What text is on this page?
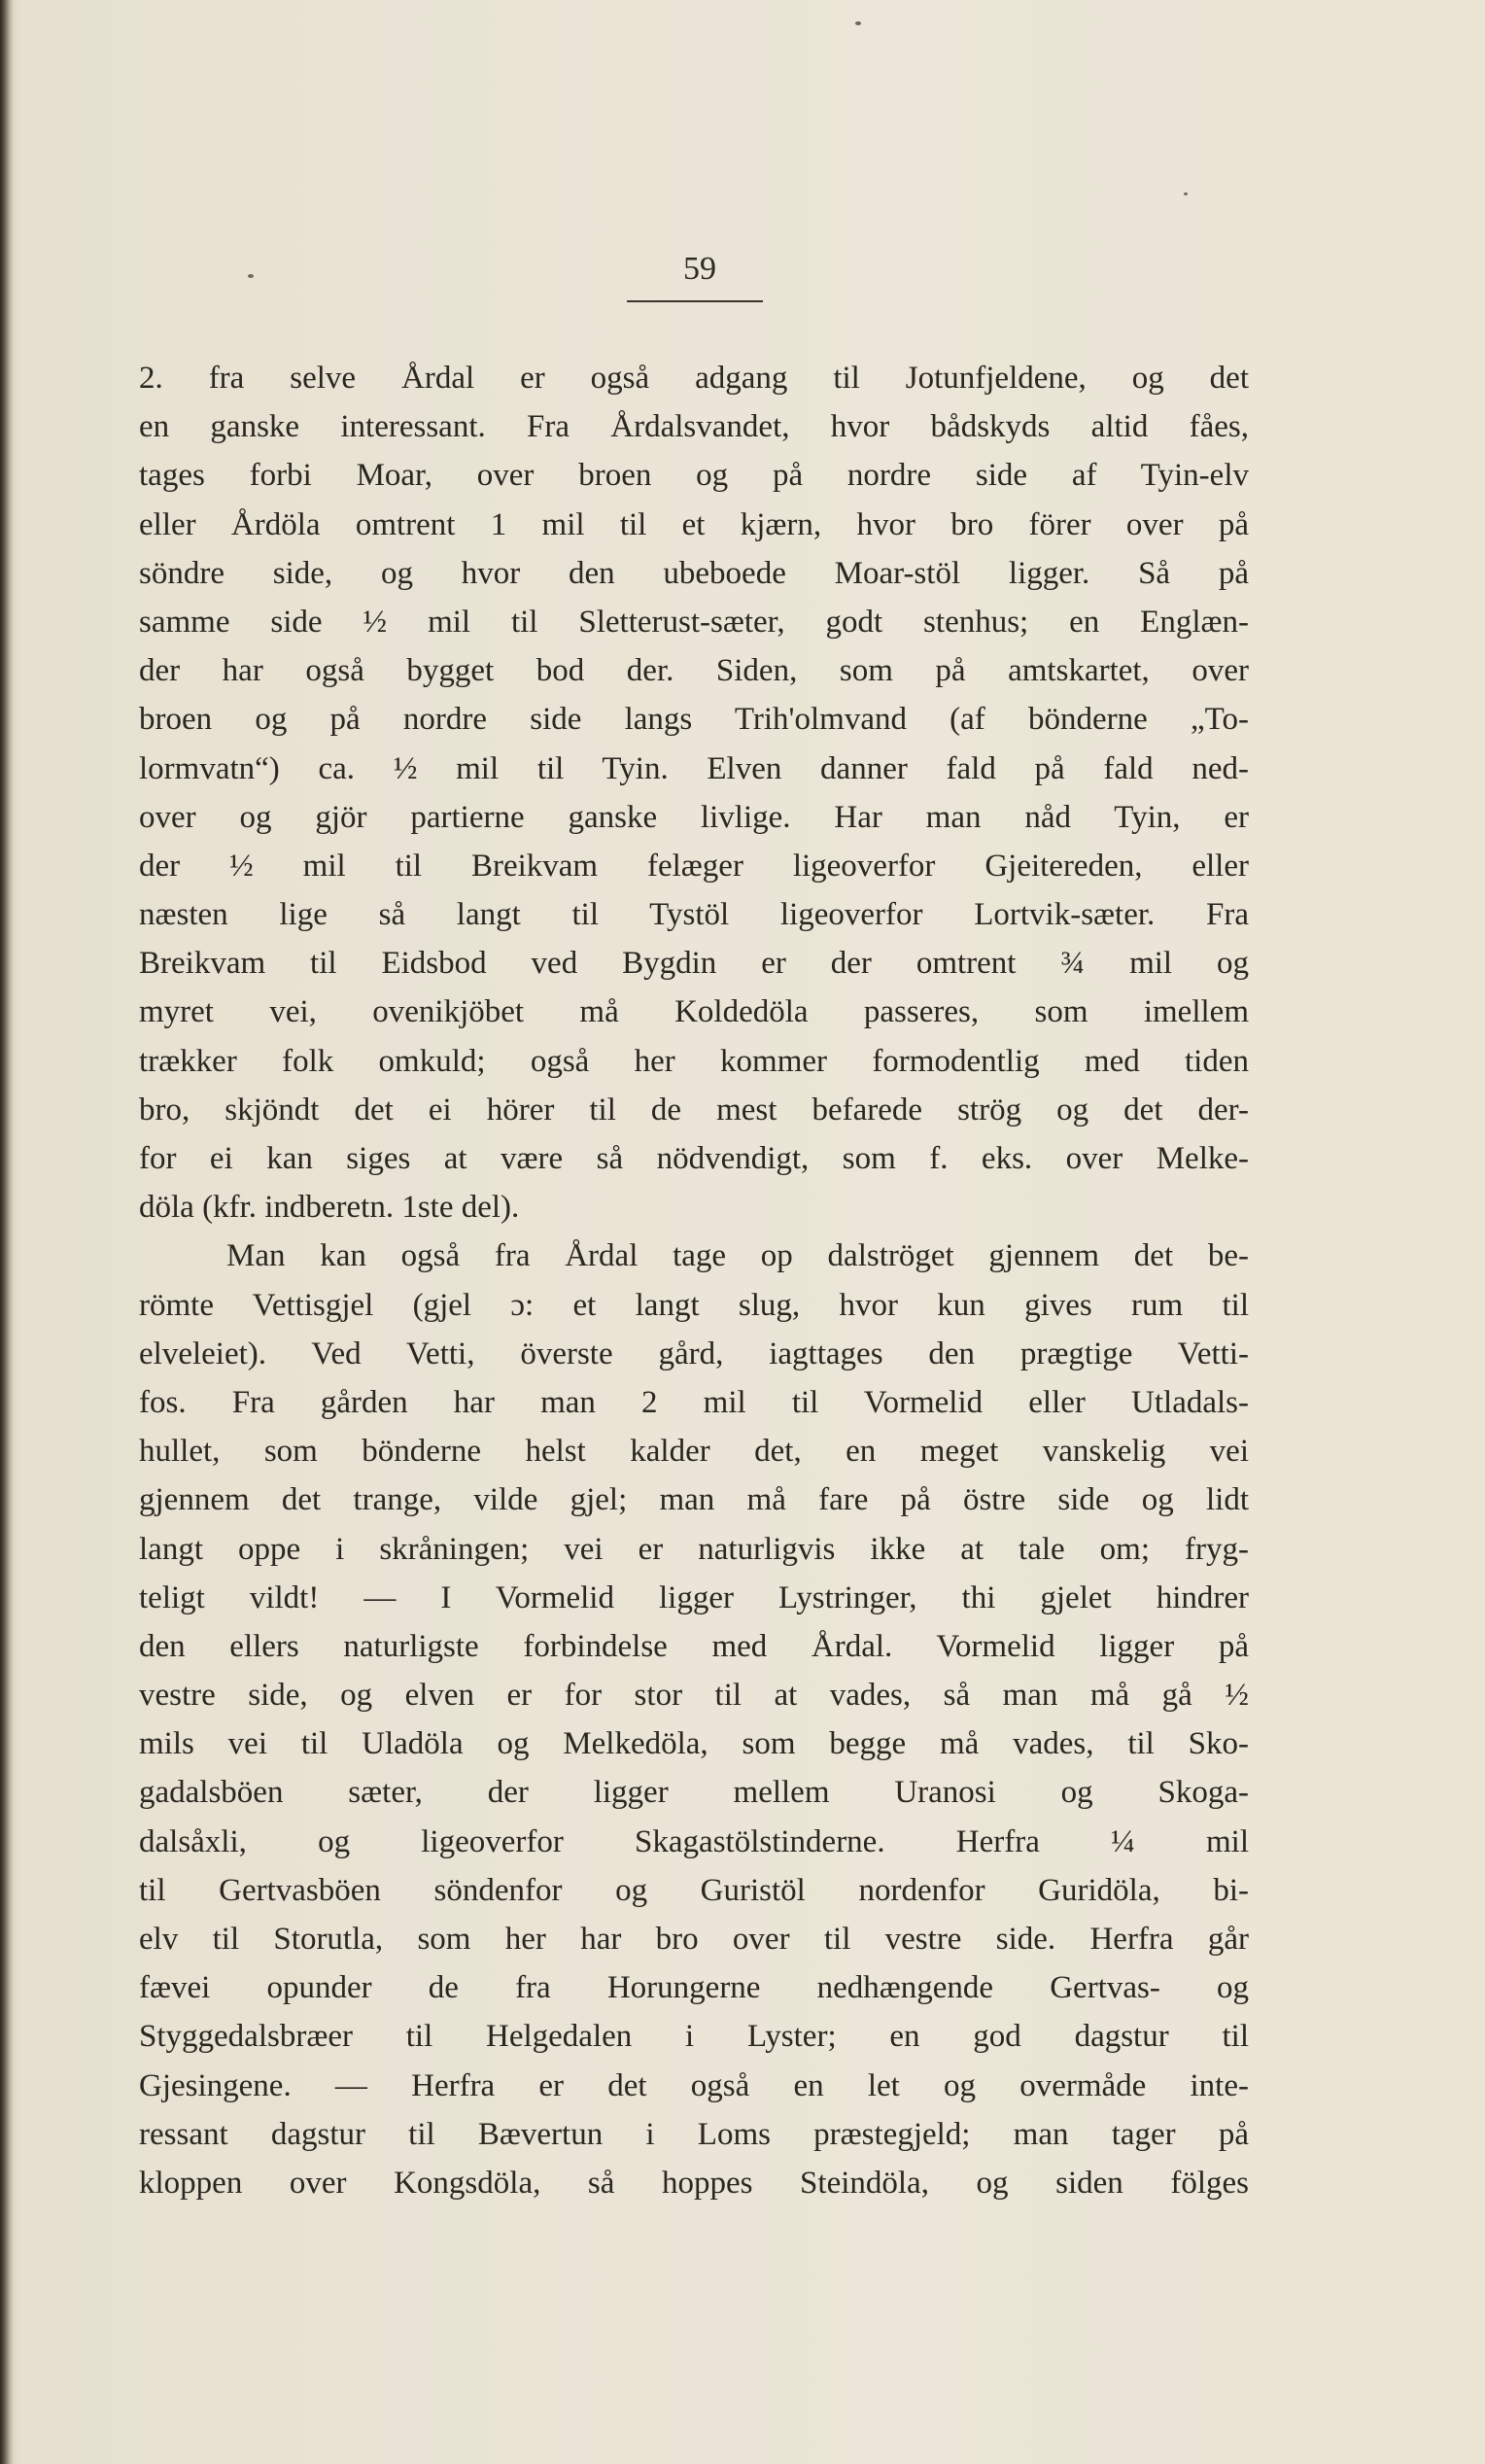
59
2. fra selve Årdal er også adgang til Jotunfjeldene, og det
en ganske interessant. Fra Årdalsvandet, hvor bådskyds altid fåes,
tages forbi Moar, over broen og på nordre side af Tyin-elv
eller Årdöla omtrent 1 mil til et kjærn, hvor bro förer over på
söndre side, og hvor den ubeboede Moar-stöl ligger. Så på
samme side ½ mil til Sletterust-sæter, godt stenhus; en Englæn-
der har også bygget bod der. Siden, som på amtskartet, over
broen og på nordre side langs Trih'olmvand (af bönderne „To-
lormvatn“) ca. ½ mil til Tyin. Elven danner fald på fald ned-
over og gjör partierne ganske livlige. Har man nåd Tyin, er
der ½ mil til Breikvam felæger ligeoverfor Gjeitereden, eller
næsten lige så langt til Tystöl ligeoverfor Lortvik-sæter. Fra
Breikvam til Eidsbod ved Bygdin er der omtrent ¾ mil og
myret vei, ovenikjöbet må Koldedöla passeres, som imellem
trækker folk omkuld; også her kommer formodentlig med tiden
bro, skjöndt det ei hörer til de mest befarede strög og det der-
for ei kan siges at være så nödvendigt, som f. eks. over Melke-
döla (kfr. indberetn. 1ste del).
Man kan også fra Årdal tage op dalströget gjennem det be-
römte Vettisgjel (gjel ɔ: et langt slug, hvor kun gives rum til
elveleiet). Ved Vetti, överste gård, iagttages den prægtige Vetti-
fos. Fra gården har man 2 mil til Vormelid eller Utladals-
hullet, som bönderne helst kalder det, en meget vanskelig vei
gjennem det trange, vilde gjel; man må fare på östre side og lidt
langt oppe i skråningen; vei er naturligvis ikke at tale om; fryg-
teligt vildt! — I Vormelid ligger Lystringer, thi gjelet hindrer
den ellers naturligste forbindelse med Årdal. Vormelid ligger på
vestre side, og elven er for stor til at vades, så man må gå ½
mils vei til Uladöla og Melkedöla, som begge må vades, til Sko-
gadalsböen sæter, der ligger mellem Uranosi og Skoga-
dalsåxli, og ligeoverfor Skagastölstinderne. Herfra ¼ mil
til Gertvasböen söndenfor og Guristöl nordenfor Guridöla, bi-
elv til Storutla, som her har bro over til vestre side. Herfra går
fævei opunder de fra Horungerne nedhængende Gertvas- og
Styggedalsbræer til Helgedalen i Lyster; en god dagstur til
Gjesingene. — Herfra er det også en let og overmåde inte-
ressant dagstur til Bævertun i Loms præstegjeld; man tager på
kloppen over Kongsdöla, så hoppes Steindöla, og siden fölges
